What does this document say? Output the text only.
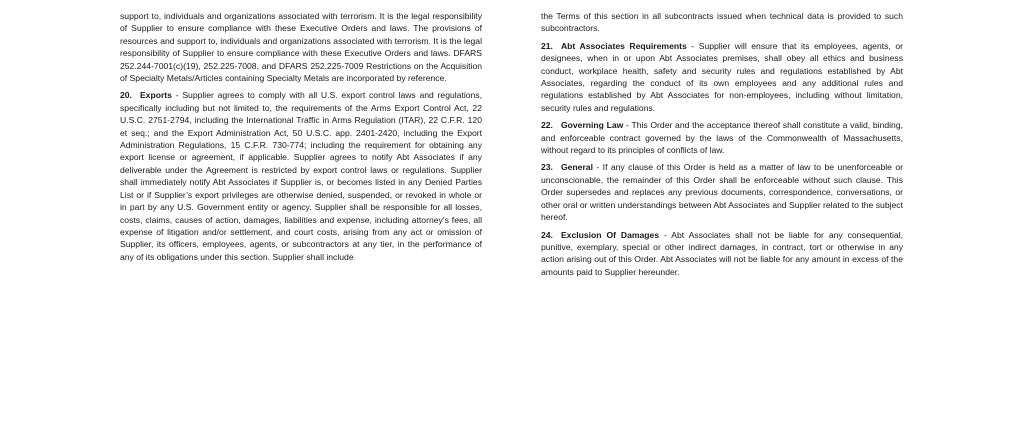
support to, individuals and organizations associated with terrorism. It is the legal responsibility of Supplier to ensure compliance with these Executive Orders and laws. The provisions of resources and support to, individuals and organizations associated with terrorism. It is the legal responsibility of Supplier to ensure compliance with these Executive Orders and laws. DFARS 252.244-7001(c)(19), 252.225-7008, and DFARS 252.225-7009 Restrictions on the Acquisition of Specialty Metals/Articles containing Specialty Metals are incorporated by reference.

20. Exports - Supplier agrees to comply with all U.S. export control laws and regulations, specifically including but not limited to, the requirements of the Arms Export Control Act, 22 U.S.C. 2751-2794, including the International Traffic in Arms Regulation (ITAR), 22 C.F.R. 120 et seq.; and the Export Administration Act, 50 U.S.C. app. 2401-2420, including the Export Administration Regulations, 15 C.F.R. 730-774; including the requirement for obtaining any export license or agreement, if applicable. Supplier agrees to notify Abt Associates if any deliverable under the Agreement is restricted by export control laws or regulations. Supplier shall immediately notify Abt Associates if Supplier is, or becomes listed in any Denied Parties List or if Supplier’s export privileges are otherwise denied, suspended, or revoked in whole or in part by any U.S. Government entity or agency. Supplier shall be responsible for all losses, costs, claims, causes of action, damages, liabilities and expense, including attorney’s fees, all expense of litigation and/or settlement, and court costs, arising from any act or omission of Supplier, its officers, employees, agents, or subcontractors at any tier, in the performance of any of its obligations under this section. Supplier shall include

the Terms of this section in all subcontracts issued when technical data is provided to such subcontractors.

21. Abt Associates Requirements - Supplier will ensure that its employees, agents, or designees, when in or upon Abt Associates premises, shall obey all ethics and business conduct, workplace health, safety and security rules and regulations established by Abt Associates, regarding the conduct of its own employees and any additional rules and regulations established by Abt Associates for non-employees, including without limitation, security rules and regulations.

22. Governing Law - This Order and the acceptance thereof shall constitute a valid, binding, and enforceable contract governed by the laws of the Commonwealth of Massachusetts, without regard to its principles of conflicts of law.

23. General - If any clause of this Order is held as a matter of law to be unenforceable or unconscionable, the remainder of this Order shall be enforceable without such clause. This Order supersedes and replaces any previous documents, correspondence, conversations, or other oral or written understandings between Abt Associates and Supplier related to the subject hereof.

24. Exclusion Of Damages - Abt Associates shall not be liable for any consequential, punitive, exemplary, special or other indirect damages, in contract, tort or otherwise in any action arising out of this Order. Abt Associates will not be liable for any amount in excess of the amounts paid to Supplier hereunder.
